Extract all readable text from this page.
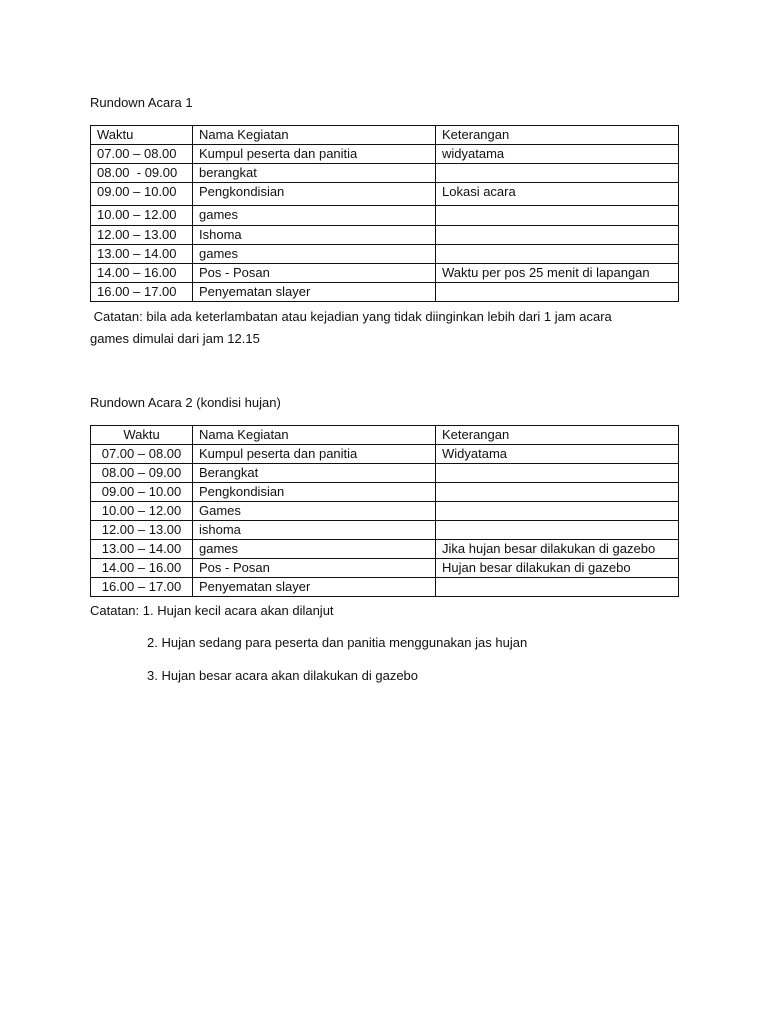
Rundown Acara 1

Waktu	Nama Kegiatan	Keterangan
07.00 – 08.00	Kumpul peserta dan panitia	widyatama
08.00  - 09.00	berangkat	
09.00 – 10.00	Pengkondisian	Lokasi acara
10.00 – 12.00	games	
12.00 – 13.00	Ishoma	
13.00 – 14.00	games	
14.00 – 16.00	Pos - Posan	Waktu per pos 25 menit di lapangan
16.00 – 17.00	Penyematan slayer	

Catatan: bila ada keterlambatan atau kejadian yang tidak diinginkan lebih dari 1 jam acara

games dimulai dari jam 12.15

Rundown Acara 2 (kondisi hujan)

Waktu	Nama Kegiatan	Keterangan
07.00 – 08.00	Kumpul peserta dan panitia	Widyatama
08.00 – 09.00	Berangkat	
09.00 – 10.00	Pengkondisian	
10.00 – 12.00	Games	
12.00 – 13.00	ishoma	
13.00 – 14.00	games	Jika hujan besar dilakukan di gazebo
14.00 – 16.00	Pos - Posan	Hujan besar dilakukan di gazebo
16.00 – 17.00	Penyematan slayer	

Catatan: 1. Hujan kecil acara akan dilanjut

2. Hujan sedang para peserta dan panitia menggunakan jas hujan

3. Hujan besar acara akan dilakukan di gazebo
